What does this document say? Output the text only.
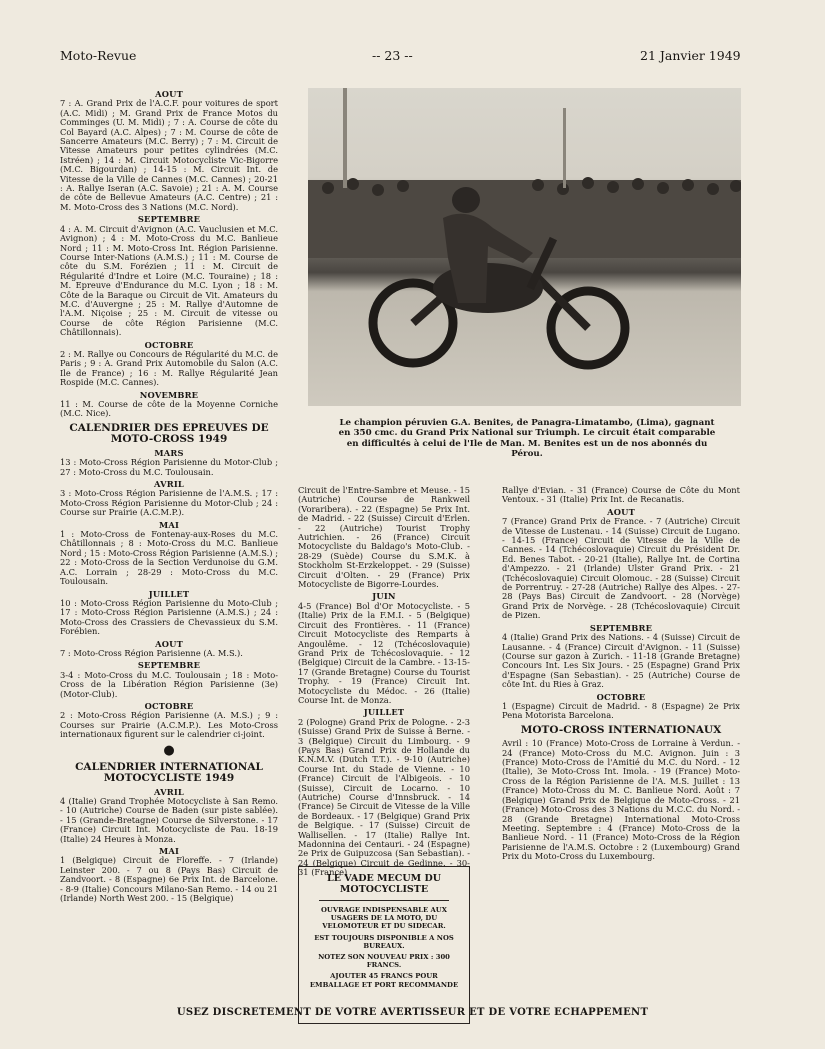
Moto-Revue	-- 23 --	21 Janvier 1949

AOUT

7 : A. Grand Prix de l'A.C.F. pour voitures de sport (A.C. Midi) ; M. Grand Prix de France Motos du Comminges (U. M. Midi) ; 7 : A. Course de côte du Col Bayard (A.C. Alpes) ; 7 : M. Course de côte de Sancerre Amateurs (M.C. Berry) ; 7 : M. Circuit de Vitesse Amateurs pour petites cylindrées (M.C. Istréen) ; 14 : M. Circuit Motocycliste Vic-Bigorre (M.C. Bigourdan) ; 14-15 : M. Circuit Int. de Vitesse de la Ville de Cannes (M.C. Cannes) ; 20-21 : A. Rallye Iseran (A.C. Savoie) ; 21 : A. M. Course de côte de Bellevue Amateurs (A.C. Centre) ; 21 : M. Moto-Cross des 3 Nations (M.C. Nord).

SEPTEMBRE

4 : A. M. Circuit d'Avignon (A.C. Vauclusien et M.C. Avignon) ; 4 : M. Moto-Cross du M.C. Banlieue Nord ; 11 : M. Moto-Cross Int. Région Parisienne. Course Inter-Nations (A.M.S.) ; 11 : M. Course de côte du S.M. Forézien ; 11 : M. Circuit de Régularité d'Indre et Loire (M.C. Touraine) ; 18 : M. Epreuve d'Endurance du M.C. Lyon ; 18 : M. Côte de la Baraque ou Circuit de Vit. Amateurs du M.C. d'Auvergne ; 25 : M. Rallye d'Automne de l'A.M. Niçoise ; 25 : M. Circuit de vitesse ou Course de côte Région Parisienne (M.C. Châtillonnais).

OCTOBRE

2 : M. Rallye ou Concours de Régularité du M.C. de Paris ; 9 : A. Grand Prix Automobile du Salon (A.C. Ile de France) ; 16 : M. Rallye Régularité Jean Rospide (M.C. Cannes).

NOVEMBRE

11 : M. Course de côte de la Moyenne Corniche (M.C. Nice).

CALENDRIER DES EPREUVES DE MOTO-CROSS 1949

MARS

13 : Moto-Cross Région Parisienne du Motor-Club ; 27 : Moto-Cross du M.C. Toulousain.

AVRIL

3 : Moto-Cross Région Parisienne de l'A.M.S. ; 17 : Moto-Cross Région Parisienne du Motor-Club ; 24 : Course sur Prairie (A.C.M.P.).

MAI

1 : Moto-Cross de Fontenay-aux-Roses du M.C. Châtillonnais ; 8 : Moto-Cross du M.C. Banlieue Nord ; 15 : Moto-Cross Région Parisienne (A.M.S.) ; 22 : Moto-Cross de la Section Verdunoise du G.M. A.C. Lorrain ; 28-29 : Moto-Cross du M.C. Toulousain.

JUILLET

10 : Moto-Cross Région Parisienne du Moto-Club ; 17 : Moto-Cross Région Parisienne (A.M.S.) ; 24 : Moto-Cross des Crassiers de Chevassieux du S.M. Forébien.

AOUT

7 : Moto-Cross Région Parisienne (A. M.S.).

SEPTEMBRE

3-4 : Moto-Cross du M.C. Toulousain ; 18 : Moto-Cross de la Libération Région Parisienne (3e) (Motor-Club).

OCTOBRE

2 : Moto-Cross Région Parisienne (A. M.S.) ; 9 : Courses sur Prairie (A.C.M.P.). Les Moto-Cross internationaux figurent sur le calendrier ci-joint.

●

CALENDRIER INTERNATIONAL MOTOCYCLISTE 1949

AVRIL

4 (Italie) Grand Trophée Motocycliste à San Remo. - 10 (Autriche) Course de Baden (sur piste sablée). - 15 (Grande-Bretagne) Course de Silverstone. - 17 (France) Circuit Int. Motocycliste de Pau. 18-19 (Italie) 24 Heures à Monza.

MAI

1 (Belgique) Circuit de Floreffe. - 7 (Irlande) Leinster 200. - 7 ou 8 (Pays Bas) Circuit de Zandvoort. - 8 (Espagne) 6e Prix Int. de Barcelone. - 8-9 (Italie) Concours Milano-San Remo. - 14 ou 21 (Irlande) North West 200. - 15 (Belgique)

Le champion péruvien G.A. Benites, de Panagra-Limatambo, (Lima), gagnant en 350 cmc. du Grand Prix National sur Triumph. Le circuit était comparable en difficultés à celui de l'Ile de Man. M. Benites est un de nos abonnés du Pérou.

Circuit de l'Entre-Sambre et Meuse. - 15 (Autriche) Course de Rankweil (Voraribera). - 22 (Espagne) 5e Prix Int. de Madrid. - 22 (Suisse) Circuit d'Erlen. - 22 (Autriche) Tourist Trophy Autrichien. - 26 (France) Circuit Motocycliste du Baldago's Moto-Club. - 28-29 (Suède) Course du S.M.K. à Stockholm St-Erzkeloppet. - 29 (Suisse) Circuit d'Olten. - 29 (France) Prix Motocycliste de Bigorre-Lourdes.

JUIN

4-5 (France) Bol d'Or Motocycliste. - 5 (Italie) Prix de la F.M.I. - 5 (Belgique) Circuit des Frontières. - 11 (France) Circuit Motocycliste des Remparts à Angoulême. - 12 (Tchécoslovaquie) Grand Prix de Tchécoslovaquie. - 12 (Belgique) Circuit de la Cambre. - 13-15-17 (Grande Bretagne) Course du Tourist Trophy. - 19 (France) Circuit Int. Motocycliste du Médoc. - 26 (Italie) Course Int. de Monza.

JUILLET

2 (Pologne) Grand Prix de Pologne. - 2-3 (Suisse) Grand Prix de Suisse à Berne. - 3 (Belgique) Circuit du Limbourg. - 9 (Pays Bas) Grand Prix de Hollande du K.N.M.V. (Dutch T.T.). - 9-10 (Autriche) Course Int. du Stade de Vienne. - 10 (France) Circuit de l'Albigeois. - 10 (Suisse), Circuit de Locarno. - 10 (Autriche) Course d'Innsbruck. - 14 (France) 5e Circuit de Vitesse de la Ville de Bordeaux. - 17 (Belgique) Grand Prix de Belgique. - 17 (Suisse) Circuit de Wallisellen. - 17 (Italie) Rallye Int. Madonnina dei Centauri. - 24 (Espagne) 2e Prix de Guipuzcosa (San Sebastian). - 24 (Belgique) Circuit de Gedinne. - 30-31 (France)

LE VADE MECUM DU MOTOCYCLISTE

OUVRAGE INDISPENSABLE AUX USAGERS DE LA MOTO, DU VELOMOTEUR ET DU SIDECAR.

EST TOUJOURS DISPONIBLE A NOS BUREAUX.

NOTEZ SON NOUVEAU PRIX : 300 FRANCS.

AJOUTER 45 FRANCS POUR EMBALLAGE ET PORT RECOMMANDE

Rallye d'Evian. - 31 (France) Course de Côte du Mont Ventoux. - 31 (Italie) Prix Int. de Recanatis.

AOUT

7 (France) Grand Prix de France. - 7 (Autriche) Circuit de Vitesse de Lustenau. - 14 (Suisse) Circuit de Lugano. - 14-15 (France) Circuit de Vitesse de la Ville de Cannes. - 14 (Tchécoslovaquie) Circuit du Président Dr. Ed. Benes Tabot. - 20-21 (Italie), Rallye Int. de Cortina d'Ampezzo. - 21 (Irlande) Ulster Grand Prix. - 21 (Tchécoslovaquie) Circuit Olomouc. - 28 (Suisse) Circuit de Porrentruy. - 27-28 (Autriche) Rallye des Alpes. - 27-28 (Pays Bas) Circuit de Zandvoort. - 28 (Norvège) Grand Prix de Norvège. - 28 (Tchécoslovaquie) Circuit de Pizen.

SEPTEMBRE

4 (Italie) Grand Prix des Nations. - 4 (Suisse) Circuit de Lausanne. - 4 (France) Circuit d'Avignon. - 11 (Suisse) (Course sur gazon à Zurich. - 11-18 (Grande Bretagne) Concours Int. Les Six Jours. - 25 (Espagne) Grand Prix d'Espagne (San Sebastian). - 25 (Autriche) Course de côte Int. du Ries à Graz.

OCTOBRE

1 (Espagne) Circuit de Madrid. - 8 (Espagne) 2e Prix Pena Motorista Barcelona.

MOTO-CROSS INTERNATIONAUX

Avril : 10 (France) Moto-Cross de Lorraine à Verdun. - 24 (France) Moto-Cross du M.C. Avignon. Juin : 3 (France) Moto-Cross de l'Amitié du M.C. du Nord. - 12 (Italie), 3e Moto-Cross Int. Imola. - 19 (France) Moto-Cross de la Région Parisienne de l'A. M.S. Juillet : 13 (France) Moto-Cross du M. C. Banlieue Nord. Août : 7 (Belgique) Grand Prix de Belgique de Moto-Cross. - 21 (France) Moto-Cross des 3 Nations du M.C.C. du Nord. - 28 (Grande Bretagne) International Moto-Cross Meeting. Septembre : 4 (France) Moto-Cross de la Banlieue Nord. - 11 (France) Moto-Cross de la Région Parisienne de l'A.M.S. Octobre : 2 (Luxembourg) Grand Prix du Moto-Cross du Luxembourg.

USEZ DISCRETEMENT DE VOTRE AVERTISSEUR ET DE VOTRE ECHAPPEMENT
